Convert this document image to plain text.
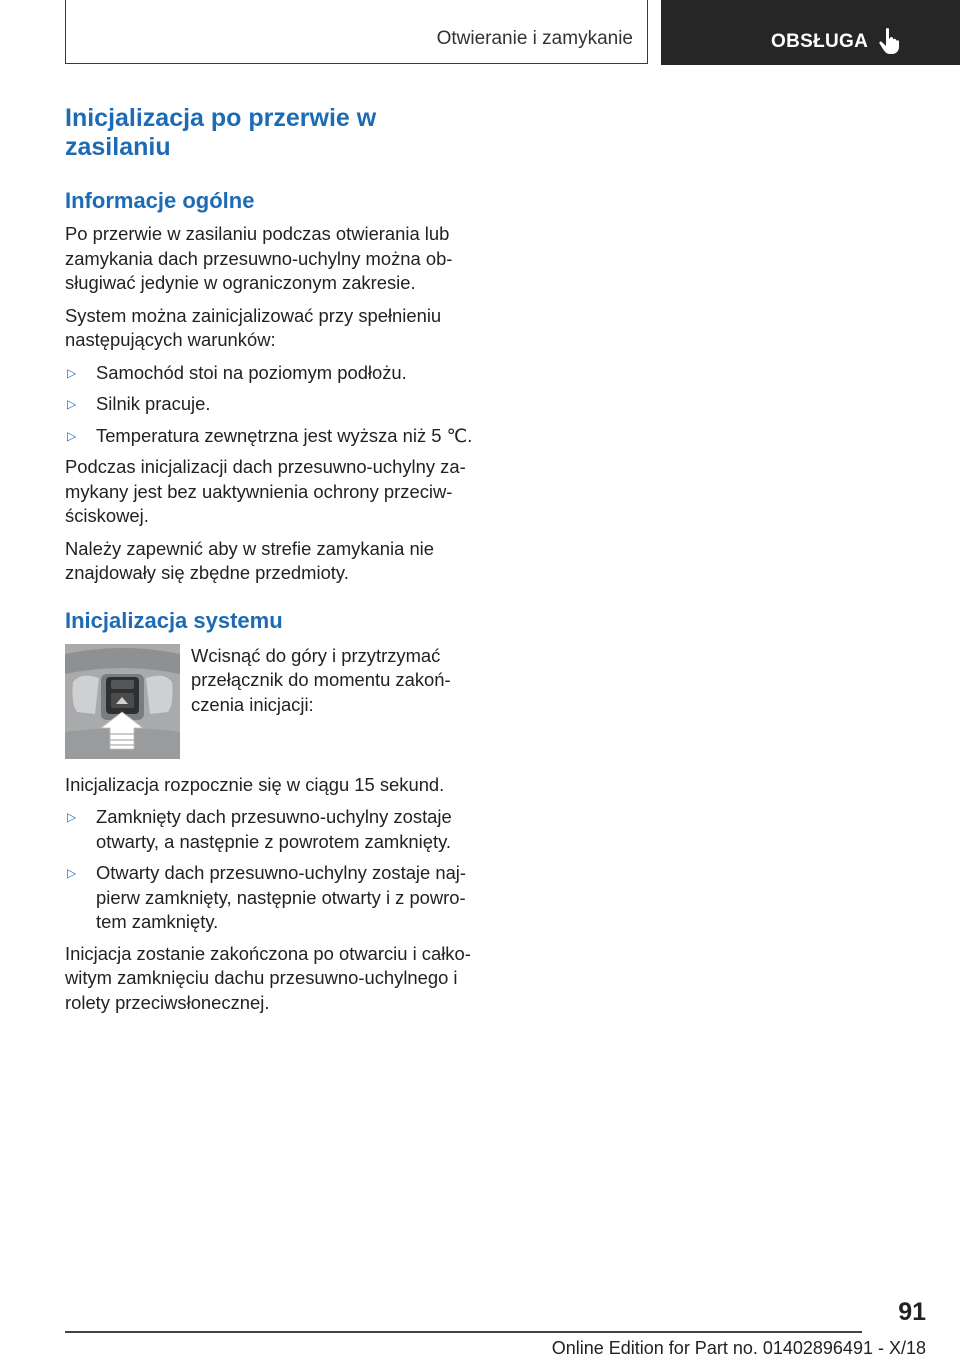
Otwieranie i zamykanie	OBSŁUGA
Inicjalizacja po przerwie w zasilaniu
Informacje ogólne

Po przerwie w zasilaniu podczas otwierania lub zamykania dach przesuwno-uchylny można ob- sługiwać jedynie w ograniczonym zakresie.

System można zainicjalizować przy spełnieniu następujących warunków:

▷	Samochód stoi na poziomym podłożu.
▷	Silnik pracuje.
▷	Temperatura zewnętrzna jest wyższa niż 5 ℃.

Podczas inicjalizacji dach przesuwno-uchylny za- mykany jest bez uaktywnienia ochrony przeciw- ściskowej.

Należy zapewnić aby w strefie zamykania nie znajdowały się zbędne przedmioty.

Inicjalizacja systemu

Wcisnąć do góry i przytrzymać przełącznik do momentu zakoń- czenia inicjacji:

Inicjalizacja rozpocznie się w ciągu 15 sekund.

▷	Zamknięty dach przesuwno-uchylny zostaje otwarty, a następnie z powrotem zamknięty.
▷	Otwarty dach przesuwno-uchylny zostaje naj- pierw zamknięty, następnie otwarty i z powro- tem zamknięty.

Inicjacja zostanie zakończona po otwarciu i całko- witym zamknięciu dachu przesuwno-uchylnego i rolety przeciwsłonecznej.

91
Online Edition for Part no. 01402896491 - X/18
